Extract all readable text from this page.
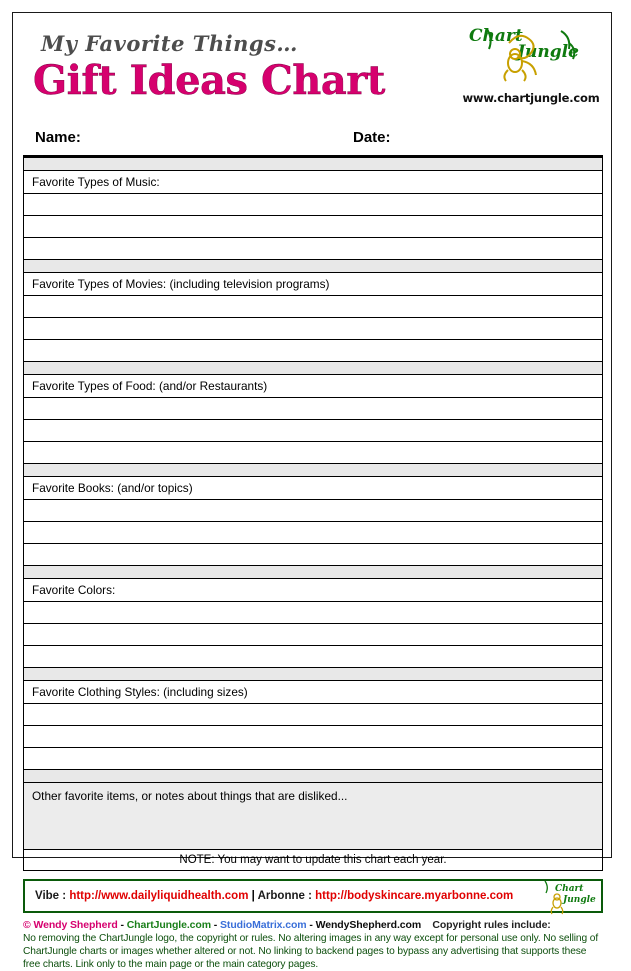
My Favorite Things…
Gift Ideas Chart
Chart
Jungle
www.chartjungle.com
Name:	Date:

Favorite Types of Music:

Favorite Types of Movies: (including television programs)

Favorite Types of Food: (and/or Restaurants)

Favorite Books: (and/or topics)

Favorite Colors:

Favorite Clothing Styles: (including sizes)

Other favorite items, or notes about things that are disliked...
NOTE: You may want to update this chart each year.
Vibe : http://www.dailyliquidhealth.com | Arbonne : http://bodyskincare.myarbonne.com
Chart
Jungle
© Wendy Shepherd - ChartJungle.com - StudioMatrix.com - WendyShepherd.com Copyright rules include:
No removing the ChartJungle logo, the copyright or rules. No altering images in any way except for personal use only. No selling of ChartJungle charts or images whether altered or not. No linking to backend pages to bypass any advertising that supports these free charts. Link only to the main page or the main category pages.
